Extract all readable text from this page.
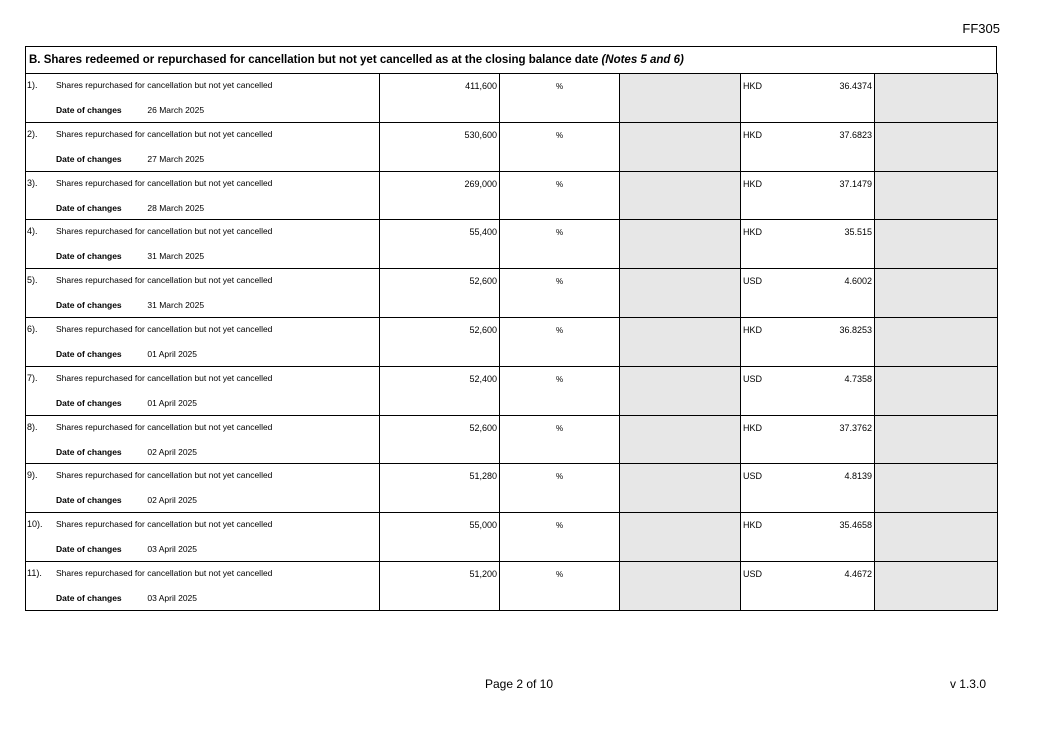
FF305
B. Shares redeemed or repurchased for cancellation but not yet cancelled as at the closing balance date (Notes 5 and 6)
1). Shares repurchased for cancellation but not yet cancelled
Date of changes 26 March 2025	411,600	%		HKD 36.4374	

2). Shares repurchased for cancellation but not yet cancelled
Date of changes 27 March 2025	530,600	%		HKD 37.6823	

3). Shares repurchased for cancellation but not yet cancelled
Date of changes 28 March 2025	269,000	%		HKD 37.1479	

4). Shares repurchased for cancellation but not yet cancelled
Date of changes 31 March 2025	55,400	%		HKD 35.515	

5). Shares repurchased for cancellation but not yet cancelled
Date of changes 31 March 2025	52,600	%		USD 4.6002	

6). Shares repurchased for cancellation but not yet cancelled
Date of changes 01 April 2025	52,600	%		HKD 36.8253	

7). Shares repurchased for cancellation but not yet cancelled
Date of changes 01 April 2025	52,400	%		USD 4.7358	

8). Shares repurchased for cancellation but not yet cancelled
Date of changes 02 April 2025	52,600	%		HKD 37.3762	

9). Shares repurchased for cancellation but not yet cancelled
Date of changes 02 April 2025	51,280	%		USD 4.8139	

10). Shares repurchased for cancellation but not yet cancelled
Date of changes 03 April 2025	55,000	%		HKD 35.4658	

11). Shares repurchased for cancellation but not yet cancelled
Date of changes 03 April 2025	51,200	%		USD 4.4672	

Page 2 of 10	v 1.3.0
